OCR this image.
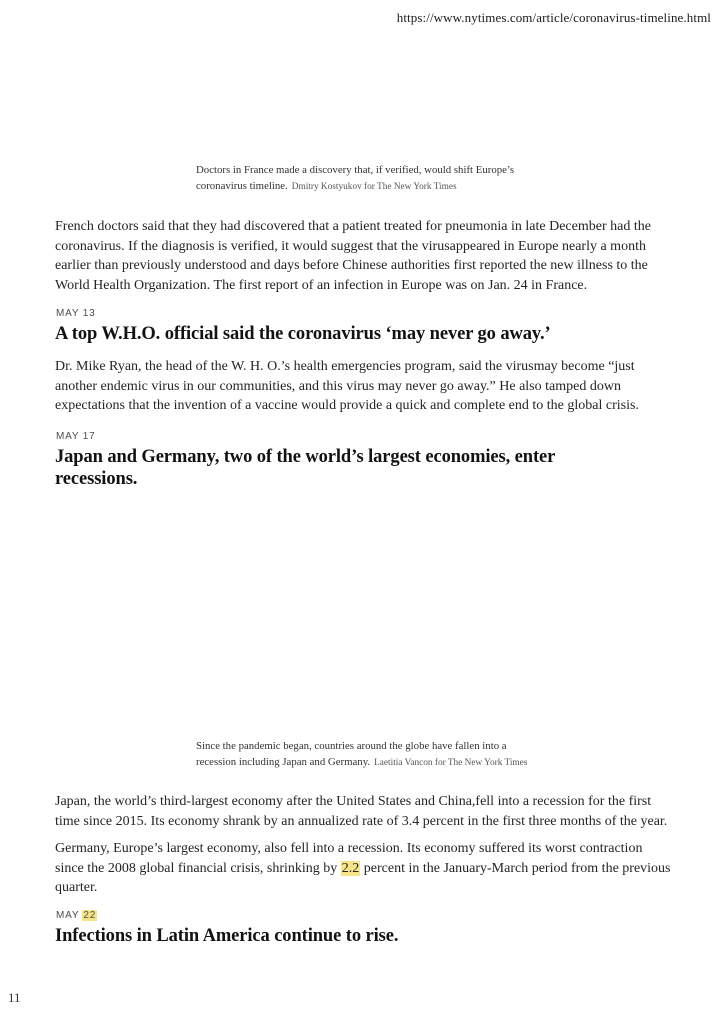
https://www.nytimes.com/article/coronavirus-timeline.html

Doctors in France made a discovery that, if verified, would shift Europe’s coronavirus timeline. Dmitry Kostyukov for The New York Times

French doctors said that they had discovered that a patient treated for pneumonia in late December had the coronavirus. If the diagnosis is verified, it would suggest that the virusappeared in Europe nearly a month earlier than previously understood and days before Chinese authorities first reported the new illness to the World Health Organization. The first report of an infection in Europe was on Jan. 24 in France.

MAY 13
A top W.H.O. official said the coronavirus ‘may never go away.’

Dr. Mike Ryan, the head of the W. H. O.’s health emergencies program, said the virusmay become “just another endemic virus in our communities, and this virus may never go away.” He also tamped down expectations that the invention of a vaccine would provide a quick and complete end to the global crisis.

MAY 17
Japan and Germany, two of the world’s largest economies, enter recessions.

Since the pandemic began, countries around the globe have fallen into a recession including Japan and Germany. Laetitia Vancon for The New York Times

Japan, the world’s third-largest economy after the United States and China,fell into a recession for the first time since 2015. Its economy shrank by an annualized rate of 3.4 percent in the first three months of the year.

Germany, Europe’s largest economy, also fell into a recession. Its economy suffered its worst contraction since the 2008 global financial crisis, shrinking by 2.2 percent in the January-March period from the previous quarter.

MAY 22
Infections in Latin America continue to rise.
11
